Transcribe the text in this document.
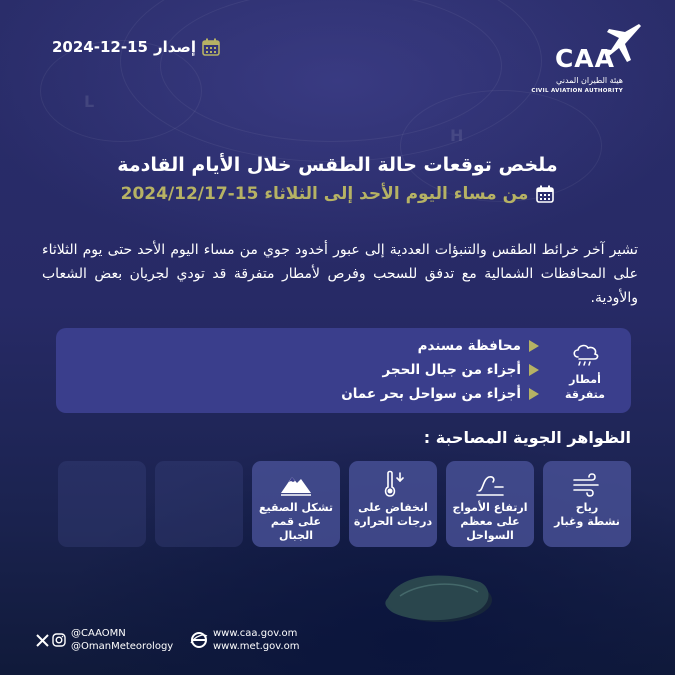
L
H
إصدار
2024-12-15	CAA
هيئة الطيران المدني
CIVIL AVIATION AUTHORITY
ملخص توقعات حالة الطقس خلال الأيام القادمة
من مساء اليوم الأحد إلى الثلاثاء 15-2024/12/17
تشير آخر خرائط الطقس والتنبؤات العددية إلى عبور أخدود جوي من مساء اليوم الأحد حتى يوم الثلاثاء على المحافظات الشمالية مع تدفق للسحب وفرص لأمطار متفرقة قد تودي لجريان بعض الشعاب والأودية.
أمطار
متفرقة
محافظة مسندم
أجزاء من جبال الحجر
أجزاء من سواحل بحر عمان
الظواهر الجوية المصاحبة :
رياح
نشطة وغبار
ارتفاع الأمواج
على معظم
السواحل
انخفاض على
درجات الحرارة
تشكل الصقيع
على قمم الجبال
www.caa.gov.om
www.met.gov.om
@CAAOMN
@OmanMeteorology
